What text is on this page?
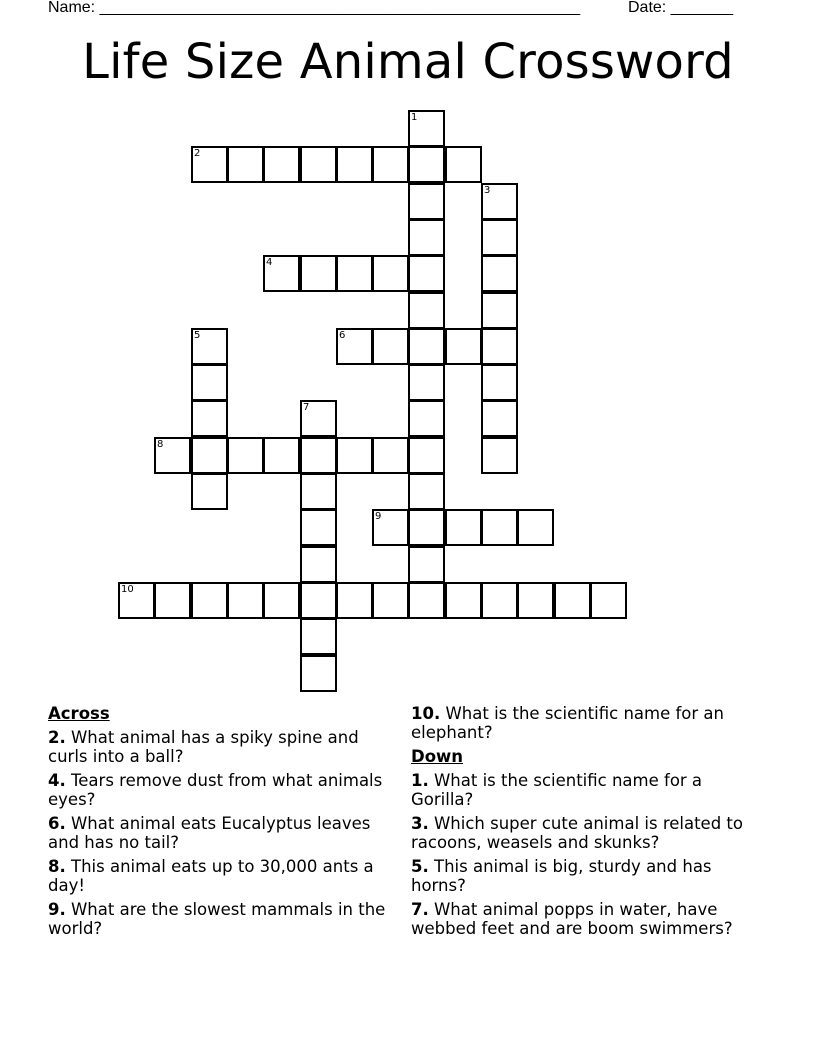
Name: ______________________________________________________	Date: _______
Life Size Animal Crossword
1
2
3
4
5	6
7
8
9
10
Across
2. What animal has a spiky spine and curls into a ball?
4. Tears remove dust from what animals eyes?
6. What animal eats Eucalyptus leaves and has no tail?
8. This animal eats up to 30,000 ants a day!
9. What are the slowest mammals in the world?
10. What is the scientific name for an elephant?
Down
1. What is the scientific name for a Gorilla?
3. Which super cute animal is related to racoons, weasels and skunks?
5. This animal is big, sturdy and has horns?
7. What animal popps in water, have webbed feet and are boom swimmers?
